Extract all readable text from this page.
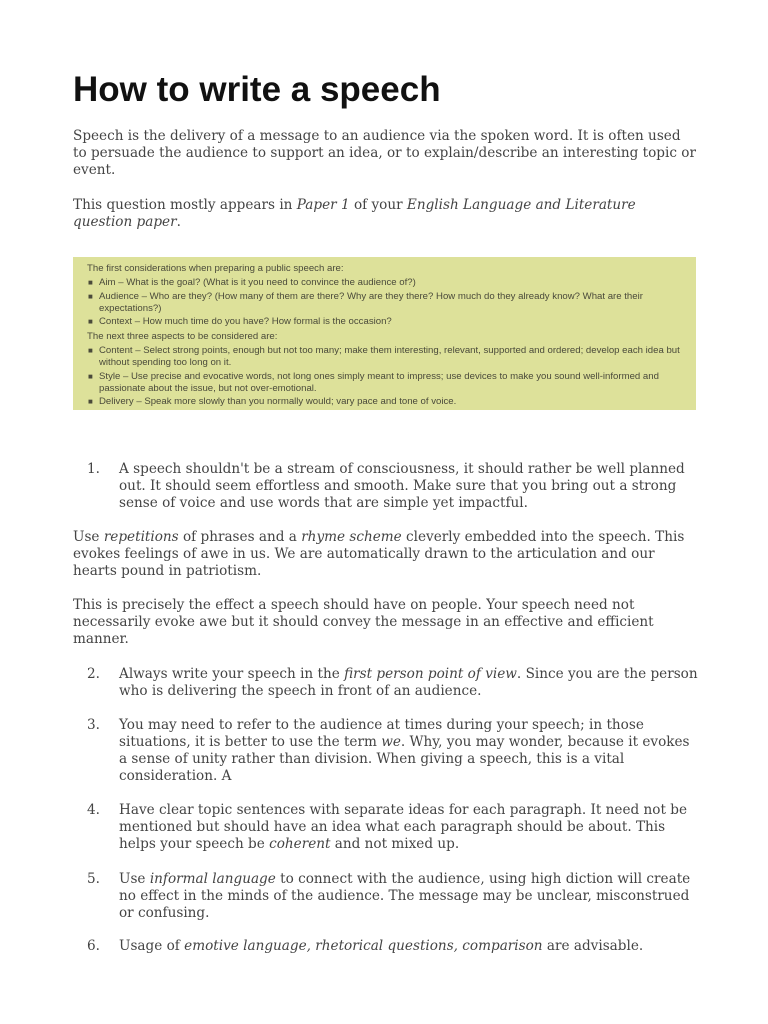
How to write a speech

Speech is the delivery of a message to an audience via the spoken word. It is often used to persuade the audience to support an idea, or to explain/describe an interesting topic or event.

This question mostly appears in Paper 1 of your English Language and Literature question paper.

The first considerations when preparing a public speech are:

■ Aim – What is the goal? (What is it you need to convince the audience of?)
■ Audience – Who are they? (How many of them are there? Why are they there? How much do they already know? What are their expectations?)
■ Context – How much time do you have? How formal is the occasion?

The next three aspects to be considered are:

■ Content – Select strong points, enough but not too many; make them interesting, relevant, supported and ordered; develop each idea but without spending too long on it.
■ Style – Use precise and evocative words, not long ones simply meant to impress; use devices to make you sound well-informed and passionate about the issue, but not over-emotional.
■ Delivery – Speak more slowly than you normally would; vary pace and tone of voice.
1.	A speech shouldn't be a stream of consciousness, it should rather be well planned out. It should seem effortless and smooth. Make sure that you bring out a strong sense of voice and use words that are simple yet impactful.

Use repetitions of phrases and a rhyme scheme cleverly embedded into the speech. This evokes feelings of awe in us. We are automatically drawn to the articulation and our hearts pound in patriotism.

This is precisely the effect a speech should have on people. Your speech need not necessarily evoke awe but it should convey the message in an effective and efficient manner.

2.	Always write your speech in the first person point of view. Since you are the person who is delivering the speech in front of an audience.
3.	You may need to refer to the audience at times during your speech; in those situations, it is better to use the term we. Why, you may wonder, because it evokes a sense of unity rather than division. When giving a speech, this is a vital consideration. A
4.	Have clear topic sentences with separate ideas for each paragraph. It need not be mentioned but should have an idea what each paragraph should be about. This helps your speech be coherent and not mixed up.
5.	Use informal language to connect with the audience, using high diction will create no effect in the minds of the audience. The message may be unclear, misconstrued or confusing.
6.	Usage of emotive language, rhetorical questions, comparison are advisable.
